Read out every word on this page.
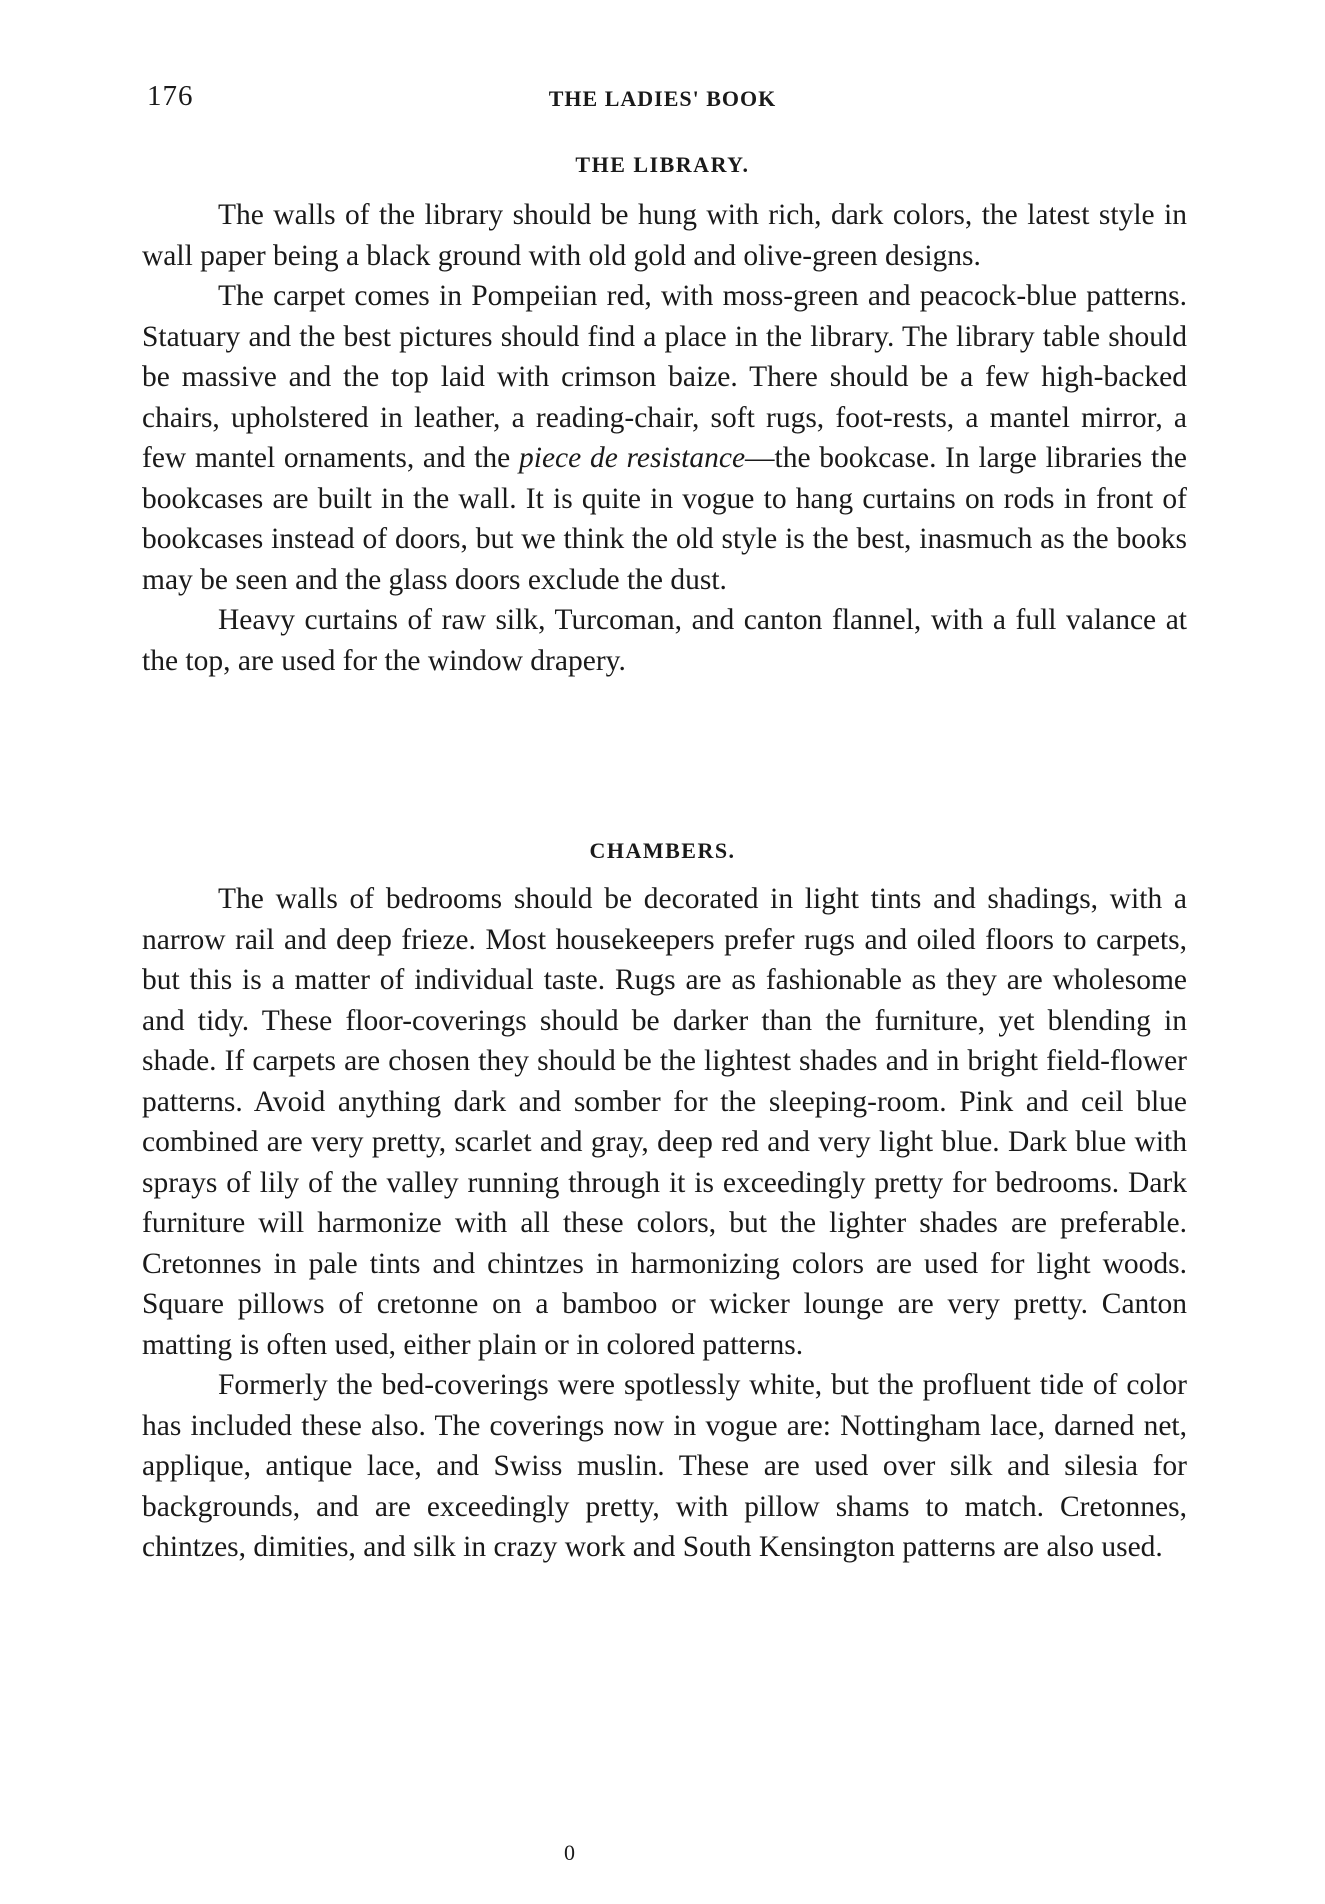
176	THE LADIES' BOOK
THE LIBRARY.

The walls of the library should be hung with rich, dark colors, the latest style in wall paper being a black ground with old gold and olive-green designs.

The carpet comes in Pompeiian red, with moss-green and peacock-blue patterns. Statuary and the best pictures should find a place in the library. The library table should be massive and the top laid with crimson baize. There should be a few high-backed chairs, upholstered in leather, a reading-chair, soft rugs, foot-rests, a mantel mirror, a few mantel ornaments, and the piece de resistance—the bookcase. In large libraries the bookcases are built in the wall. It is quite in vogue to hang curtains on rods in front of bookcases instead of doors, but we think the old style is the best, inasmuch as the books may be seen and the glass doors exclude the dust.

Heavy curtains of raw silk, Turcoman, and canton flannel, with a full valance at the top, are used for the window drapery.

CHAMBERS.

The walls of bedrooms should be decorated in light tints and shadings, with a narrow rail and deep frieze. Most housekeepers prefer rugs and oiled floors to carpets, but this is a matter of individual taste. Rugs are as fashionable as they are wholesome and tidy. These floor-coverings should be darker than the furniture, yet blending in shade. If carpets are chosen they should be the lightest shades and in bright field-flower patterns. Avoid anything dark and somber for the sleeping-room. Pink and ceil blue combined are very pretty, scarlet and gray, deep red and very light blue. Dark blue with sprays of lily of the valley running through it is exceedingly pretty for bedrooms. Dark furniture will harmonize with all these colors, but the lighter shades are preferable. Cretonnes in pale tints and chintzes in harmonizing colors are used for light woods. Square pillows of cretonne on a bamboo or wicker lounge are very pretty. Canton matting is often used, either plain or in colored patterns.

Formerly the bed-coverings were spotlessly white, but the profluent tide of color has included these also. The coverings now in vogue are: Nottingham lace, darned net, applique, antique lace, and Swiss muslin. These are used over silk and silesia for backgrounds, and are exceedingly pretty, with pillow shams to match. Cretonnes, chintzes, dimities, and silk in crazy work and South Kensington patterns are also used.

0
